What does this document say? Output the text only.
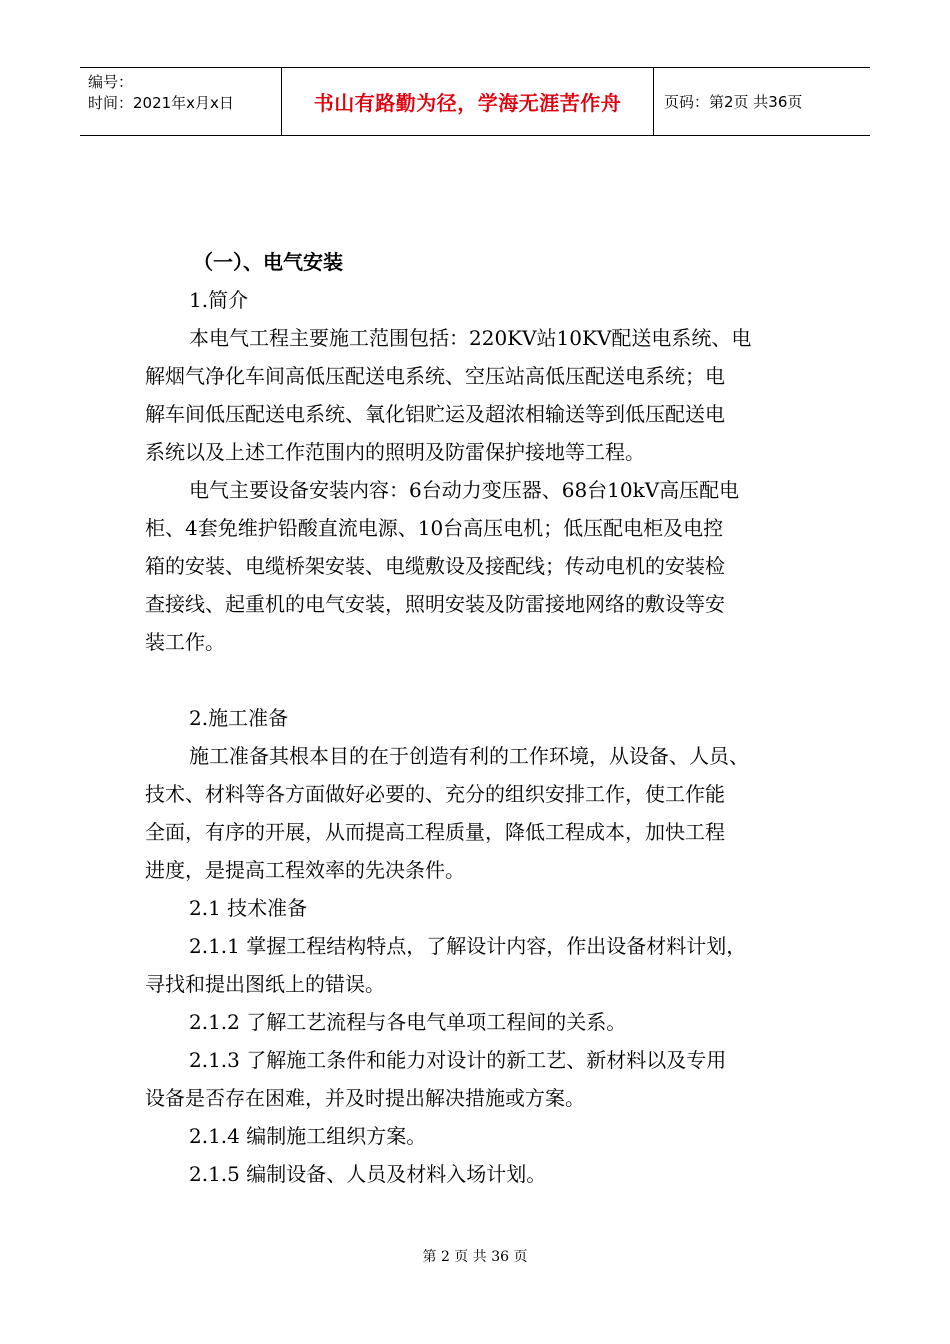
编号：
时间：2021年x月x日	书山有路勤为径，学海无涯苦作舟	页码：第2页 共36页
（一）、电气安装
1.简介
本电气工程主要施工范围包括：220KV站10KV配送电系统、电
解烟气净化车间高低压配送电系统、空压站高低压配送电系统；电
解车间低压配送电系统、氧化铝贮运及超浓相输送等到低压配送电
系统以及上述工作范围内的照明及防雷保护接地等工程。
电气主要设备安装内容：6台动力变压器、68台10kV高压配电
柜、4套免维护铅酸直流电源、10台高压电机；低压配电柜及电控
箱的安装、电缆桥架安装、电缆敷设及接配线；传动电机的安装检
查接线、起重机的电气安装，照明安装及防雷接地网络的敷设等安
装工作。
2.施工准备
施工准备其根本目的在于创造有利的工作环境，从设备、人员、
技术、材料等各方面做好必要的、充分的组织安排工作，使工作能
全面，有序的开展，从而提高工程质量，降低工程成本，加快工程
进度，是提高工程效率的先决条件。
2.1 技术准备
2.1.1 掌握工程结构特点，了解设计内容，作出设备材料计划，
寻找和提出图纸上的错误。
2.1.2 了解工艺流程与各电气单项工程间的关系。
2.1.3 了解施工条件和能力对设计的新工艺、新材料以及专用
设备是否存在困难，并及时提出解决措施或方案。
2.1.4 编制施工组织方案。
2.1.5 编制设备、人员及材料入场计划。
第 2 页 共 36 页
